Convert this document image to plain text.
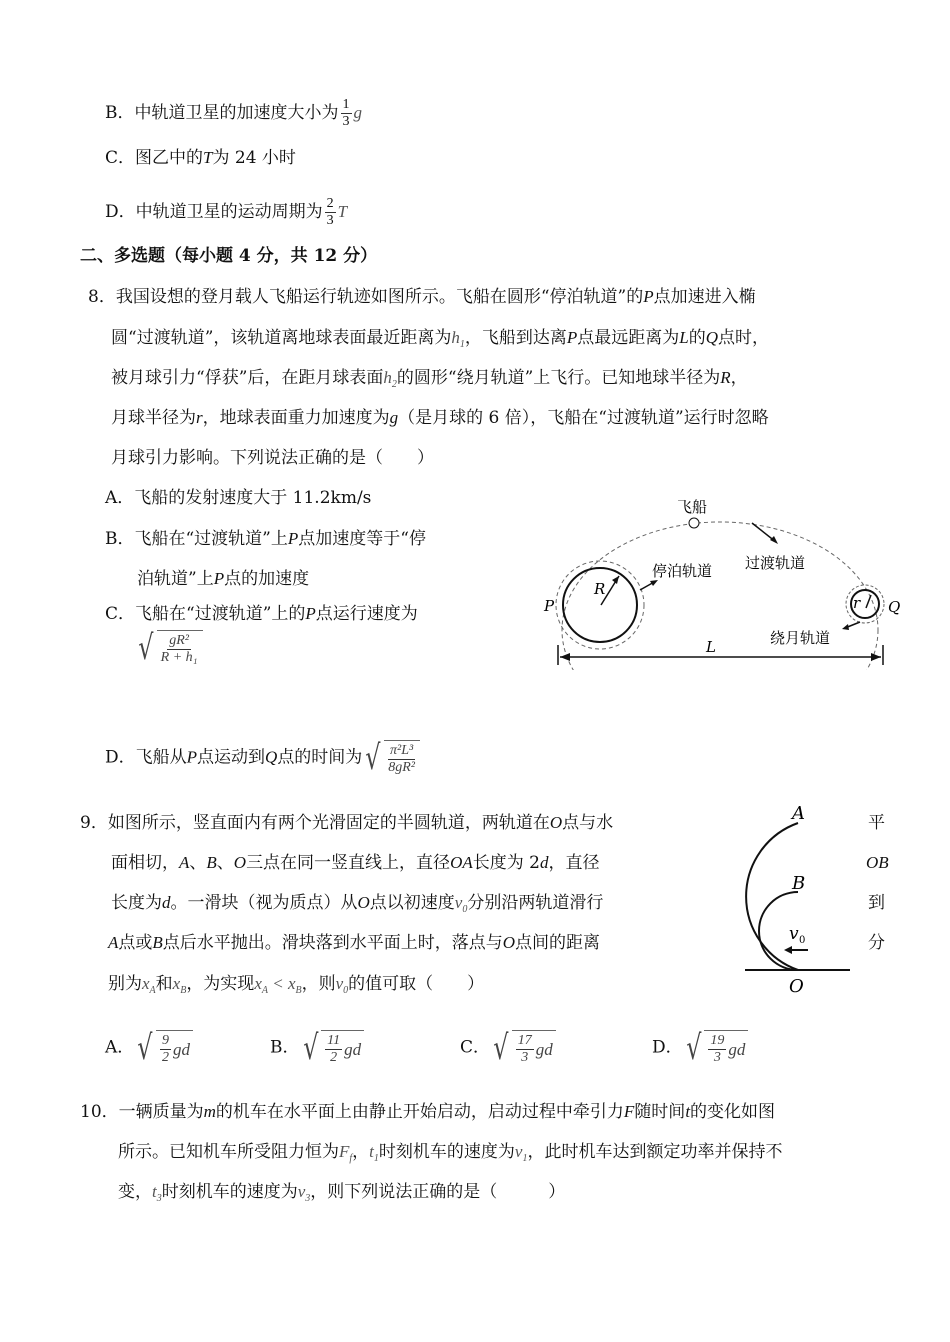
飞船
停泊轨道 过渡轨道
绕月轨道
R
r
P	Q
L
A
B
O
v 0
B．中轨道卫星的加速度大小为 $\frac{1}{3}$ g
C．图乙中的T为 24 小时
D．中轨道卫星的运动周期为 $\frac{2}{3}$ T
二、多选题（每小题 4 分，共 12 分）
8．我国设想的登月载人飞船运行轨迹如图所示。飞船在圆形“停泊轨道”的P点加速进入椭
圆“过渡轨道”，该轨道离地球表面最近距离为$h_1$，飞船到达离P点最远距离为L的Q点时，
被月球引力“俘获”后，在距月球表面$h_2$的圆形“绕月轨道”上飞行。已知地球半径为R，
月球半径为r，地球表面重力加速度为g（是月球的 6 倍），飞船在“过渡轨道”运行时忽略
月球引力影响。下列说法正确的是（　　）
A．飞船的发射速度大于 11.2km/s
B．飞船在“过渡轨道”上P点加速度等于“停
泊轨道”上P点的加速度
C．飞船在“过渡轨道”上的P点运行速度为
√ $\frac{\text{gR²}}{\text{R + h₁}}$
D．飞船从P点运动到Q点的时间为 √ $\frac{\text{π²L³}}{\text{8gR²}}$
9．如图所示，竖直面内有两个光滑固定的半圆轨道，两轨道在O点与水
面相切，A、B、O三点在同一竖直线上，直径OA长度为 2d，直径
长度为d。一滑块（视为质点）从O点以初速度$v_0$分别沿两轨道滑行
A点或B点后水平抛出。滑块落到水平面上时，落点与O点间的距离
别为$x_A$和$x_B$，为实现$x_A < x_B$，则$v_0$的值可取（　　）
平
OB
到
分
A． √ $\frac{9}{2}$ gd	B． √ $\frac{11}{2}$ gd	C． √ $\frac{17}{3}$ gd	D． √ $\frac{19}{3}$ gd
10．一辆质量为m的机车在水平面上由静止开始启动，启动过程中牵引力F随时间t的变化如图
所示。已知机车所受阻力恒为$F_f$，$t_1$时刻机车的速度为$v_1$，此时机车达到额定功率并保持不
变，$t_3$时刻机车的速度为$v_3$，则下列说法正确的是（　　　）
